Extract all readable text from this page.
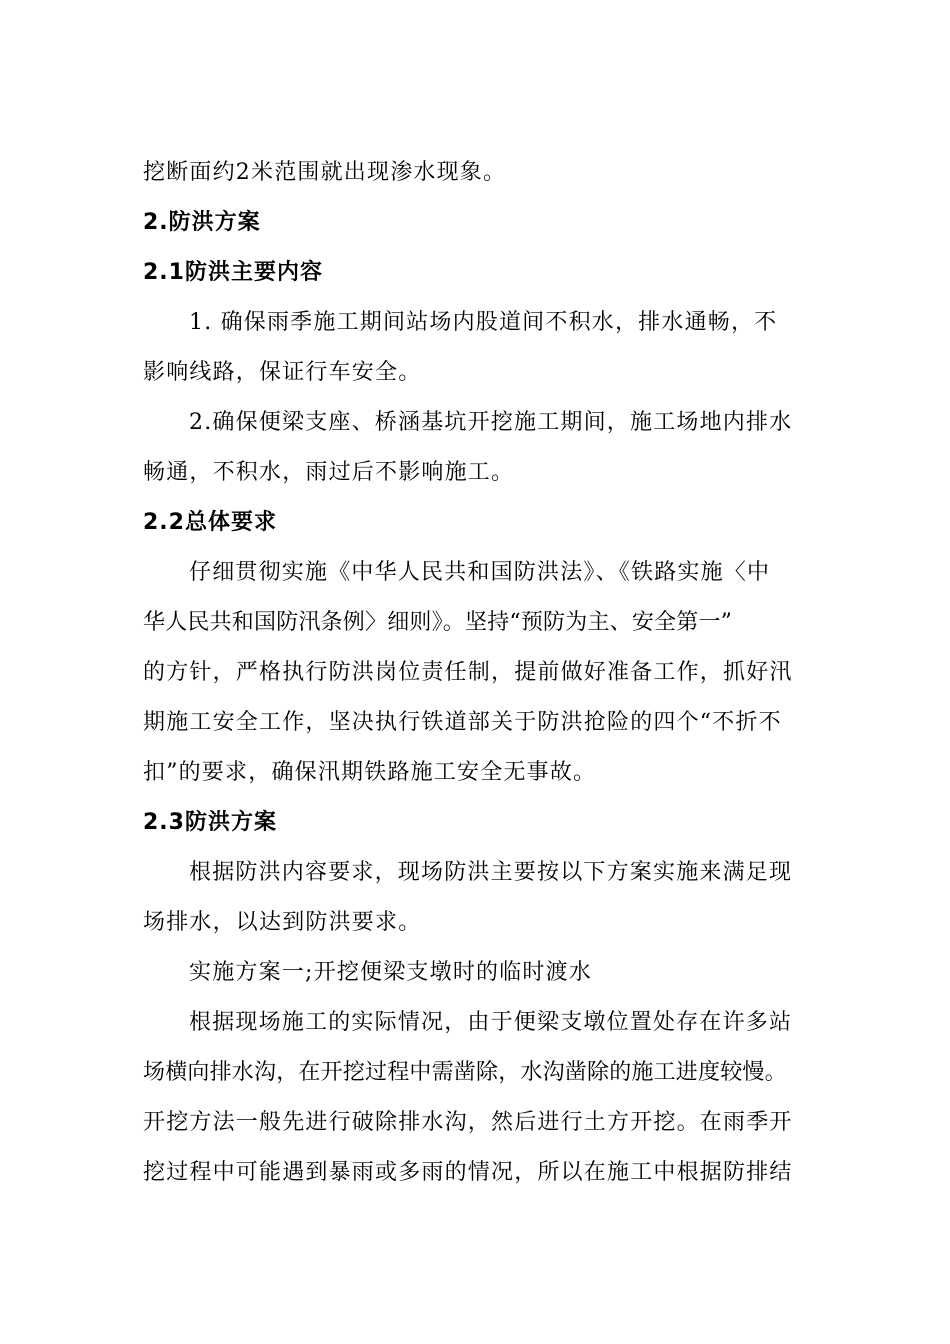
挖断面约2米范围就出现渗水现象。
2.防洪方案
2.1防洪主要内容
1. 确保雨季施工期间站场内股道间不积水，排水通畅，不
影响线路，保证行车安全。
2.确保便梁支座、桥涵基坑开挖施工期间，施工场地内排水
畅通，不积水，雨过后不影响施工。
2.2总体要求
仔细贯彻实施《中华人民共和国防洪法》、《铁路实施〈中
华人民共和国防汛条例〉细则》。坚持“预防为主、安全第一”
的方针，严格执行防洪岗位责任制，提前做好准备工作，抓好汛
期施工安全工作，坚决执行铁道部关于防洪抢险的四个“不折不
扣”的要求，确保汛期铁路施工安全无事故。
2.3防洪方案
根据防洪内容要求，现场防洪主要按以下方案实施来满足现
场排水，以达到防洪要求。
实施方案一;开挖便梁支墩时的临时渡水
根据现场施工的实际情况，由于便梁支墩位置处存在许多站
场横向排水沟，在开挖过程中需凿除，水沟凿除的施工进度较慢。
开挖方法一般先进行破除排水沟，然后进行土方开挖。在雨季开
挖过程中可能遇到暴雨或多雨的情况，所以在施工中根据防排结
